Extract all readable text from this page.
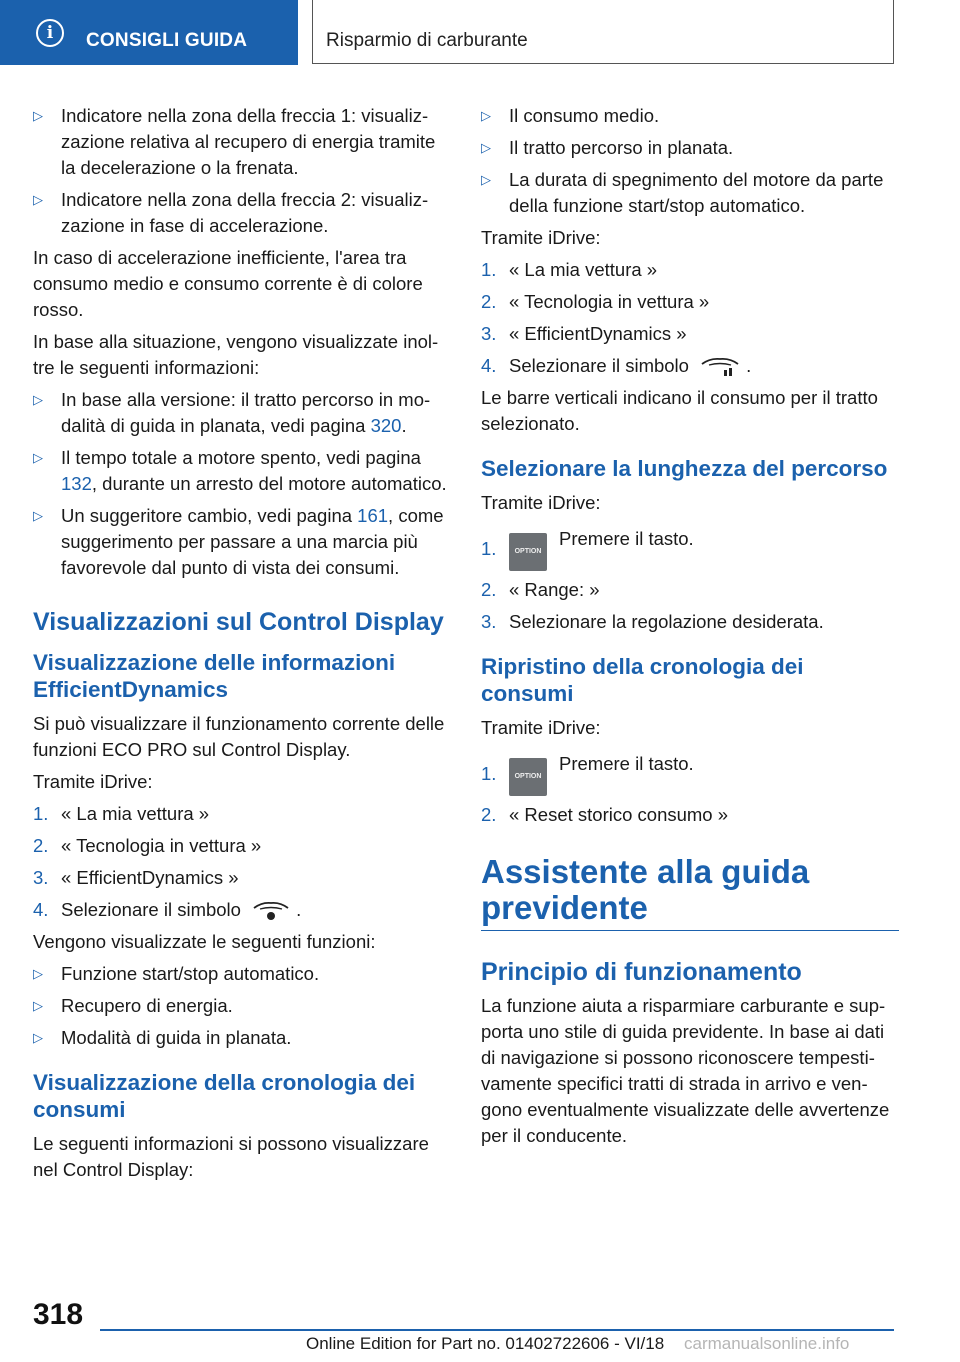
i	CONSIGLI GUIDA	Risparmio di carburante
▷ Indicatore nella zona della freccia 1: visualizzazione relativa al recupero di energia tramite la decelerazione o la frenata.
▷ Indicatore nella zona della freccia 2: visualizzazione in fase di accelerazione.

In caso di accelerazione inefficiente, l'area tra consumo medio e consumo corrente è di colore rosso.

In base alla situazione, vengono visualizzate inoltre le seguenti informazioni:

▷ In base alla versione: il tratto percorso in modalità di guida in planata, vedi pagina 320.
▷ Il tempo totale a motore spento, vedi pagina 132, durante un arresto del motore automatico.
▷ Un suggeritore cambio, vedi pagina 161, come suggerimento per passare a una marcia più favorevole dal punto di vista dei consumi.
Visualizzazioni sul Control Display
Visualizzazione delle informazioni EfficientDynamics

Si può visualizzare il funzionamento corrente delle funzioni ECO PRO sul Control Display.

Tramite iDrive:

1. « La mia vettura »
2. « Tecnologia in vettura »
3. « EfficientDynamics »
4. Selezionare il simbolo	.

Vengono visualizzate le seguenti funzioni:

▷ Funzione start/stop automatico.
▷ Recupero di energia.
▷ Modalità di guida in planata.
Visualizzazione della cronologia dei consumi

Le seguenti informazioni si possono visualizzare nel Control Display:

▷ Il consumo medio.
▷ Il tratto percorso in planata.
▷ La durata di spegnimento del motore da parte della funzione start/stop automatico.

Tramite iDrive:

1. « La mia vettura »
2. « Tecnologia in vettura »
3. « EfficientDynamics »
4. Selezionare il simbolo	.

Le barre verticali indicano il consumo per il tratto selezionato.

Selezionare la lunghezza del percorso

Tramite iDrive:

1.	OPTIONPremere il tasto.
2. « Range: »
3. Selezionare la regolazione desiderata.
Ripristino della cronologia dei consumi

Tramite iDrive:

1.	OPTIONPremere il tasto.
2. « Reset storico consumo »
Assistente alla guida previdente
Principio di funzionamento

La funzione aiuta a risparmiare carburante e supporta uno stile di guida previdente. In base ai dati di navigazione si possono riconoscere tempestivamente specifici tratti di strada in arrivo e vengono eventualmente visualizzate delle avvertenze per il conducente.

318
Online Edition for Part no. 01402722606 - VI/18 carmanualsonline.info
